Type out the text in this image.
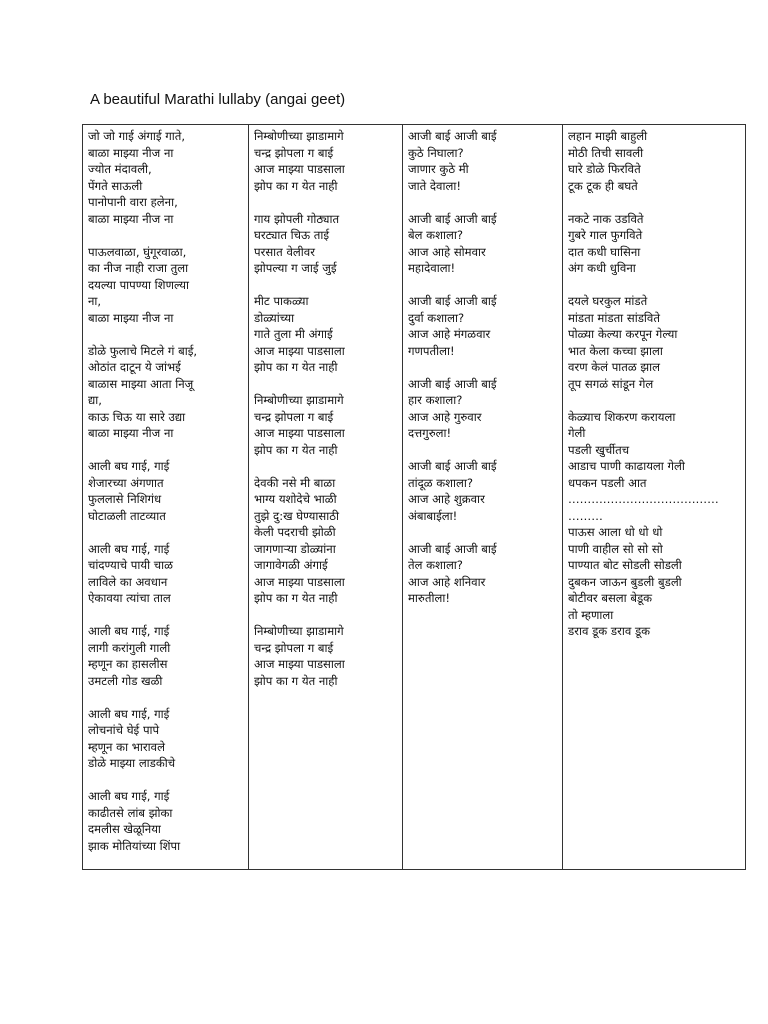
A beautiful Marathi lullaby (angai geet)
जो जो गाई अंगाई गाते,
बाळा माझ्या नीज ना
ज्योत मंदावली,
पेंगते साऊली
पानोपानी वारा हलेना,
बाळा माझ्या नीज ना
पाऊलवाळा, घुंगूरवाळा,
का नीज नाही राजा तुला
दयल्या पापण्या शिणल्या
ना,
बाळा माझ्या नीज ना
डोळे फुलाचे मिटले गं बाई,
ओठांत दाटून ये जांभई
बाळास माझ्या आता निजू
द्या,
काऊ चिऊ या सारे उद्या
बाळा माझ्या नीज ना
आली बघ गाई, गाई
शेजारच्या अंगणात
फुललासे निशिगंध
घोटाळली ताटव्यात
आली बघ गाई, गाई
चांदण्याचे पायी चाळ
लाविले का अवधान
ऐकावया त्यांचा ताल
आली बघ गाई, गाई
लागी करांगुली गाली
म्हणून का हासलीस
उमटली गोड खळी
आली बघ गाई, गाई
लोचनांचे घेई पापे
म्हणून का भारावले
डोळे माझ्या लाडकीचे
आली बघ गाई, गाई
काढीतसे लांब झोका
दमलीस खेळूनिया
झाक मोतियांच्या शिंपा
निम्बोणीच्या झाडामागे
चन्द्र झोपला ग बाई
आज माझ्या पाडसाला
झोप का ग येत नाही
गाय झोपली गोठ्यात
घरट्यात चिऊ ताई
परसात वेलीवर
झोपल्या ग जाई जुई
मीट पाकळ्या
डोळ्यांच्या
गाते तुला मी अंगाई
आज माझ्या पाडसाला
झोप का ग येत नाही
निम्बोणीच्या झाडामागे
चन्द्र झोपला ग बाई
आज माझ्या पाडसाला
झोप का ग येत नाही
देवकी नसे मी बाळा
भाग्य यशोदेचे भाळी
तुझे दु:ख घेण्यासाठी
केली पदराची झोळी
जागणाऱ्या डोळ्यांना
जागावेगळी अंगाई
आज माझ्या पाडसाला
झोप का ग येत नाही
निम्बोणीच्या झाडामागे
चन्द्र झोपला ग बाई
आज माझ्या पाडसाला
झोप का ग येत नाही
आजी बाई आजी बाई
कुठे निघाला?
जाणार कुठे मी
जाते देवाला!
आजी बाई आजी बाई
बेल कशाला?
आज आहे सोमवार
महादेवाला!
आजी बाई आजी बाई
दुर्वा कशाला?
आज आहे मंगळवार
गणपतीला!
आजी बाई आजी बाई
हार कशाला?
आज आहे गुरुवार
दत्तगुरुला!
आजी बाई आजी बाई
तांदूळ कशाला?
आज आहे शुक्रवार
अंबाबाईला!
आजी बाई आजी बाई
तेल कशाला?
आज आहे शनिवार
मारुतीला!
लहान माझी बाहुली
मोठी तिची सावली
घारे डोळे फिरविते
टूक टूक ही बघते
नकटे नाक उडविते
गुबरे गाल फुगविते
दात कधी घासिना
अंग कधी धुविना
दयले घरकुल मांडते
मांडता मांडता सांडविते
पोळ्या केल्या करपून गेल्या
भात केला कच्चा झाला
वरण केलं पातळ झाल
तूप सगळं सांडून गेल
केळ्याच शिकरण करायला
गेली
पडली खुर्चीतच
आडाच पाणी काढायला गेली
धपकन पडली आत
…………………………………
………
पाऊस आला धो धो धो
पाणी वाहील सो सो सो
पाण्यात बोट सोडली सोडली
दुबकन जाऊन बुडली बुडली
बोटीवर बसला बेडूक
तो म्हणाला
डराव डूक डराव डूक
